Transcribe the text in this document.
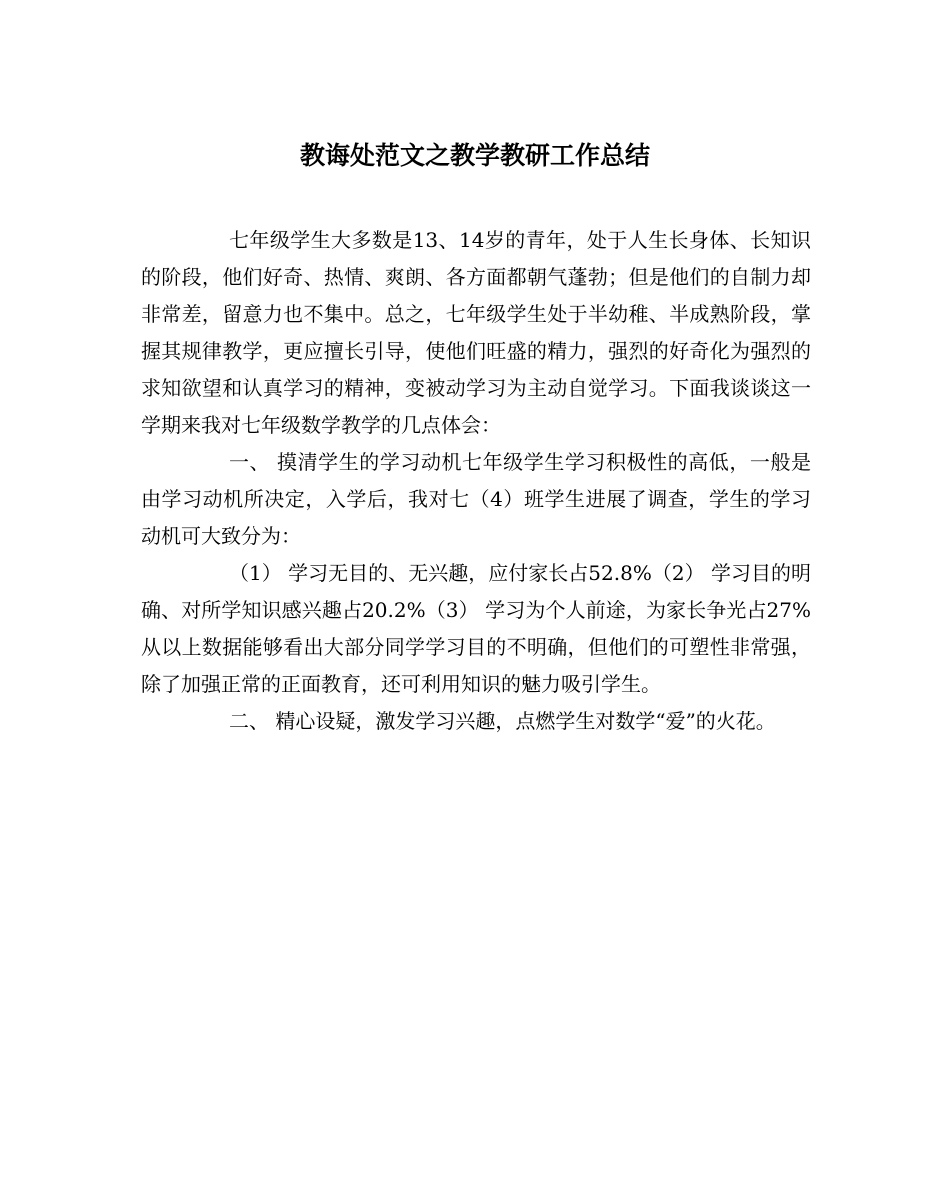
教诲处范文之教学教研工作总结

七年级学生大多数是13、14岁的青年，处于人生长身体、长知识的阶段，他们好奇、热情、爽朗、各方面都朝气蓬勃；但是他们的自制力却非常差，留意力也不集中。总之，七年级学生处于半幼稚、半成熟阶段，掌握其规律教学，更应擅长引导，使他们旺盛的精力，强烈的好奇化为强烈的求知欲望和认真学习的精神，变被动学习为主动自觉学习。下面我谈谈这一学期来我对七年级数学教学的几点体会：

一、 摸清学生的学习动机七年级学生学习积极性的高低，一般是由学习动机所决定，入学后，我对七（4）班学生进展了调查，学生的学习动机可大致分为：

（1） 学习无目的、无兴趣，应付家长占52.8%（2） 学习目的明确、对所学知识感兴趣占20.2%（3） 学习为个人前途，为家长争光占27%从以上数据能够看出大部分同学学习目的不明确，但他们的可塑性非常强，除了加强正常的正面教育，还可利用知识的魅力吸引学生。

二、 精心设疑，激发学习兴趣，点燃学生对数学“爱”的火花。
